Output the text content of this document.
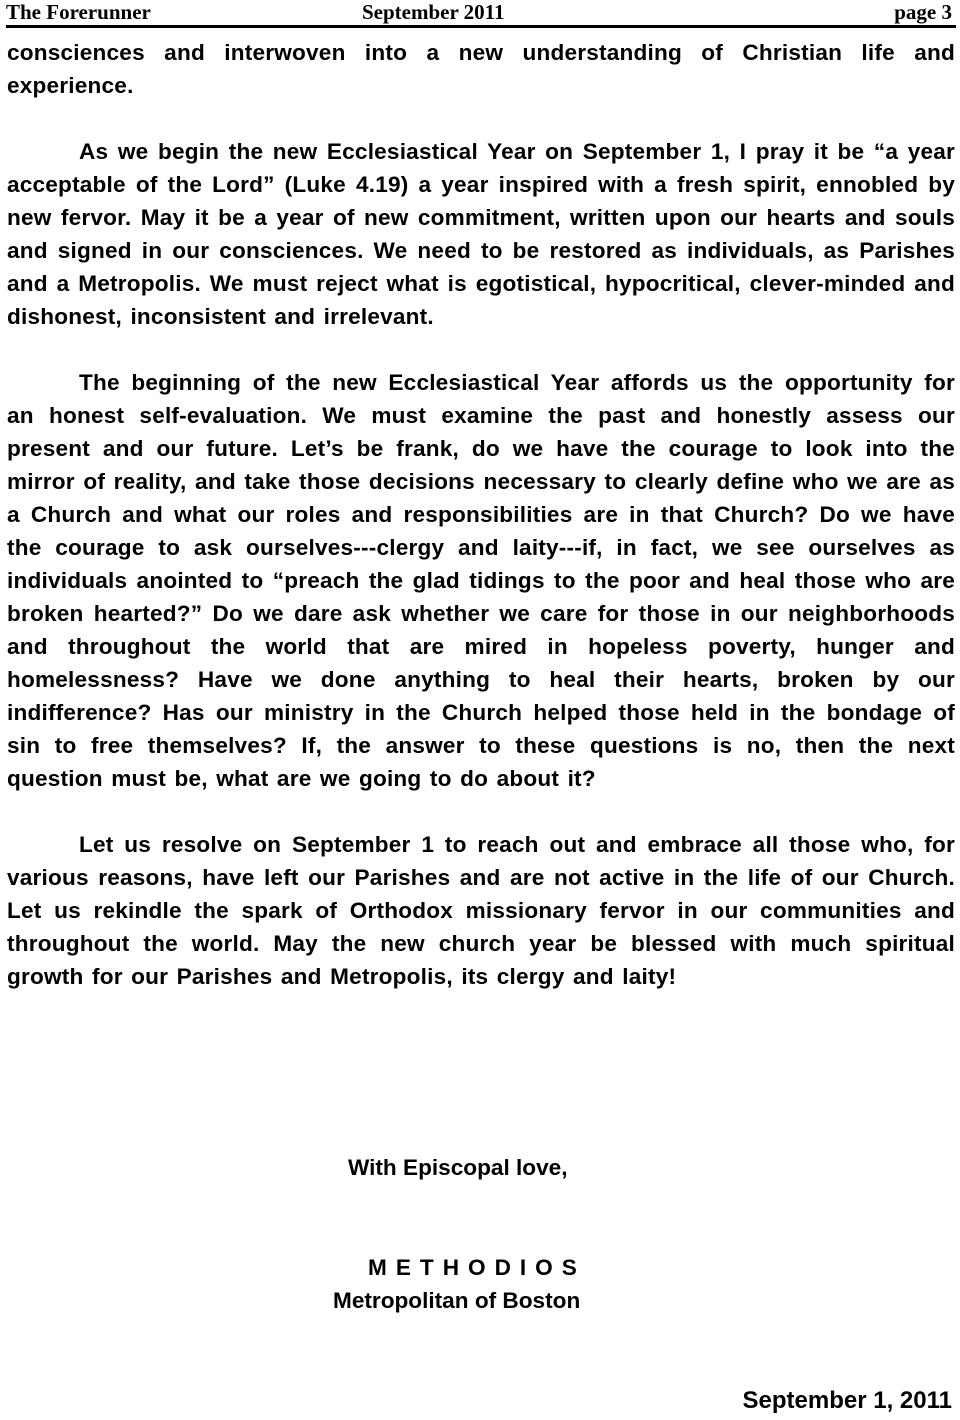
The Forerunner	September 2011	page 3

consciences and interwoven into a new understanding of Christian life and experience.

As we begin the new Ecclesiastical Year on September 1, I pray it be “a year acceptable of the Lord” (Luke 4.19) a year inspired with a fresh spirit, ennobled by new fervor. May it be a year of new commitment, written upon our hearts and souls and signed in our consciences. We need to be restored as individuals, as Parishes and a Metropolis. We must reject what is egotistical, hypocritical, clever-minded and dishonest, inconsistent and irrelevant.

The beginning of the new Ecclesiastical Year affords us the opportunity for an honest self-evaluation. We must examine the past and honestly assess our present and our future. Let’s be frank, do we have the courage to look into the mirror of reality, and take those decisions necessary to clearly define who we are as a Church and what our roles and responsibilities are in that Church? Do we have the courage to ask ourselves---clergy and laity---if, in fact, we see ourselves as individuals anointed to “preach the glad tidings to the poor and heal those who are broken hearted?” Do we dare ask whether we care for those in our neighborhoods and throughout the world that are mired in hopeless poverty, hunger and homelessness? Have we done anything to heal their hearts, broken by our indifference? Has our ministry in the Church helped those held in the bondage of sin to free themselves? If, the answer to these questions is no, then the next question must be, what are we going to do about it?

Let us resolve on September 1 to reach out and embrace all those who, for various reasons, have left our Parishes and are not active in the life of our Church. Let us rekindle the spark of Orthodox missionary fervor in our communities and throughout the world. May the new church year be blessed with much spiritual growth for our Parishes and Metropolis, its clergy and laity!

With Episcopal love,
METHODIOS
Metropolitan of Boston
September 1, 2011
